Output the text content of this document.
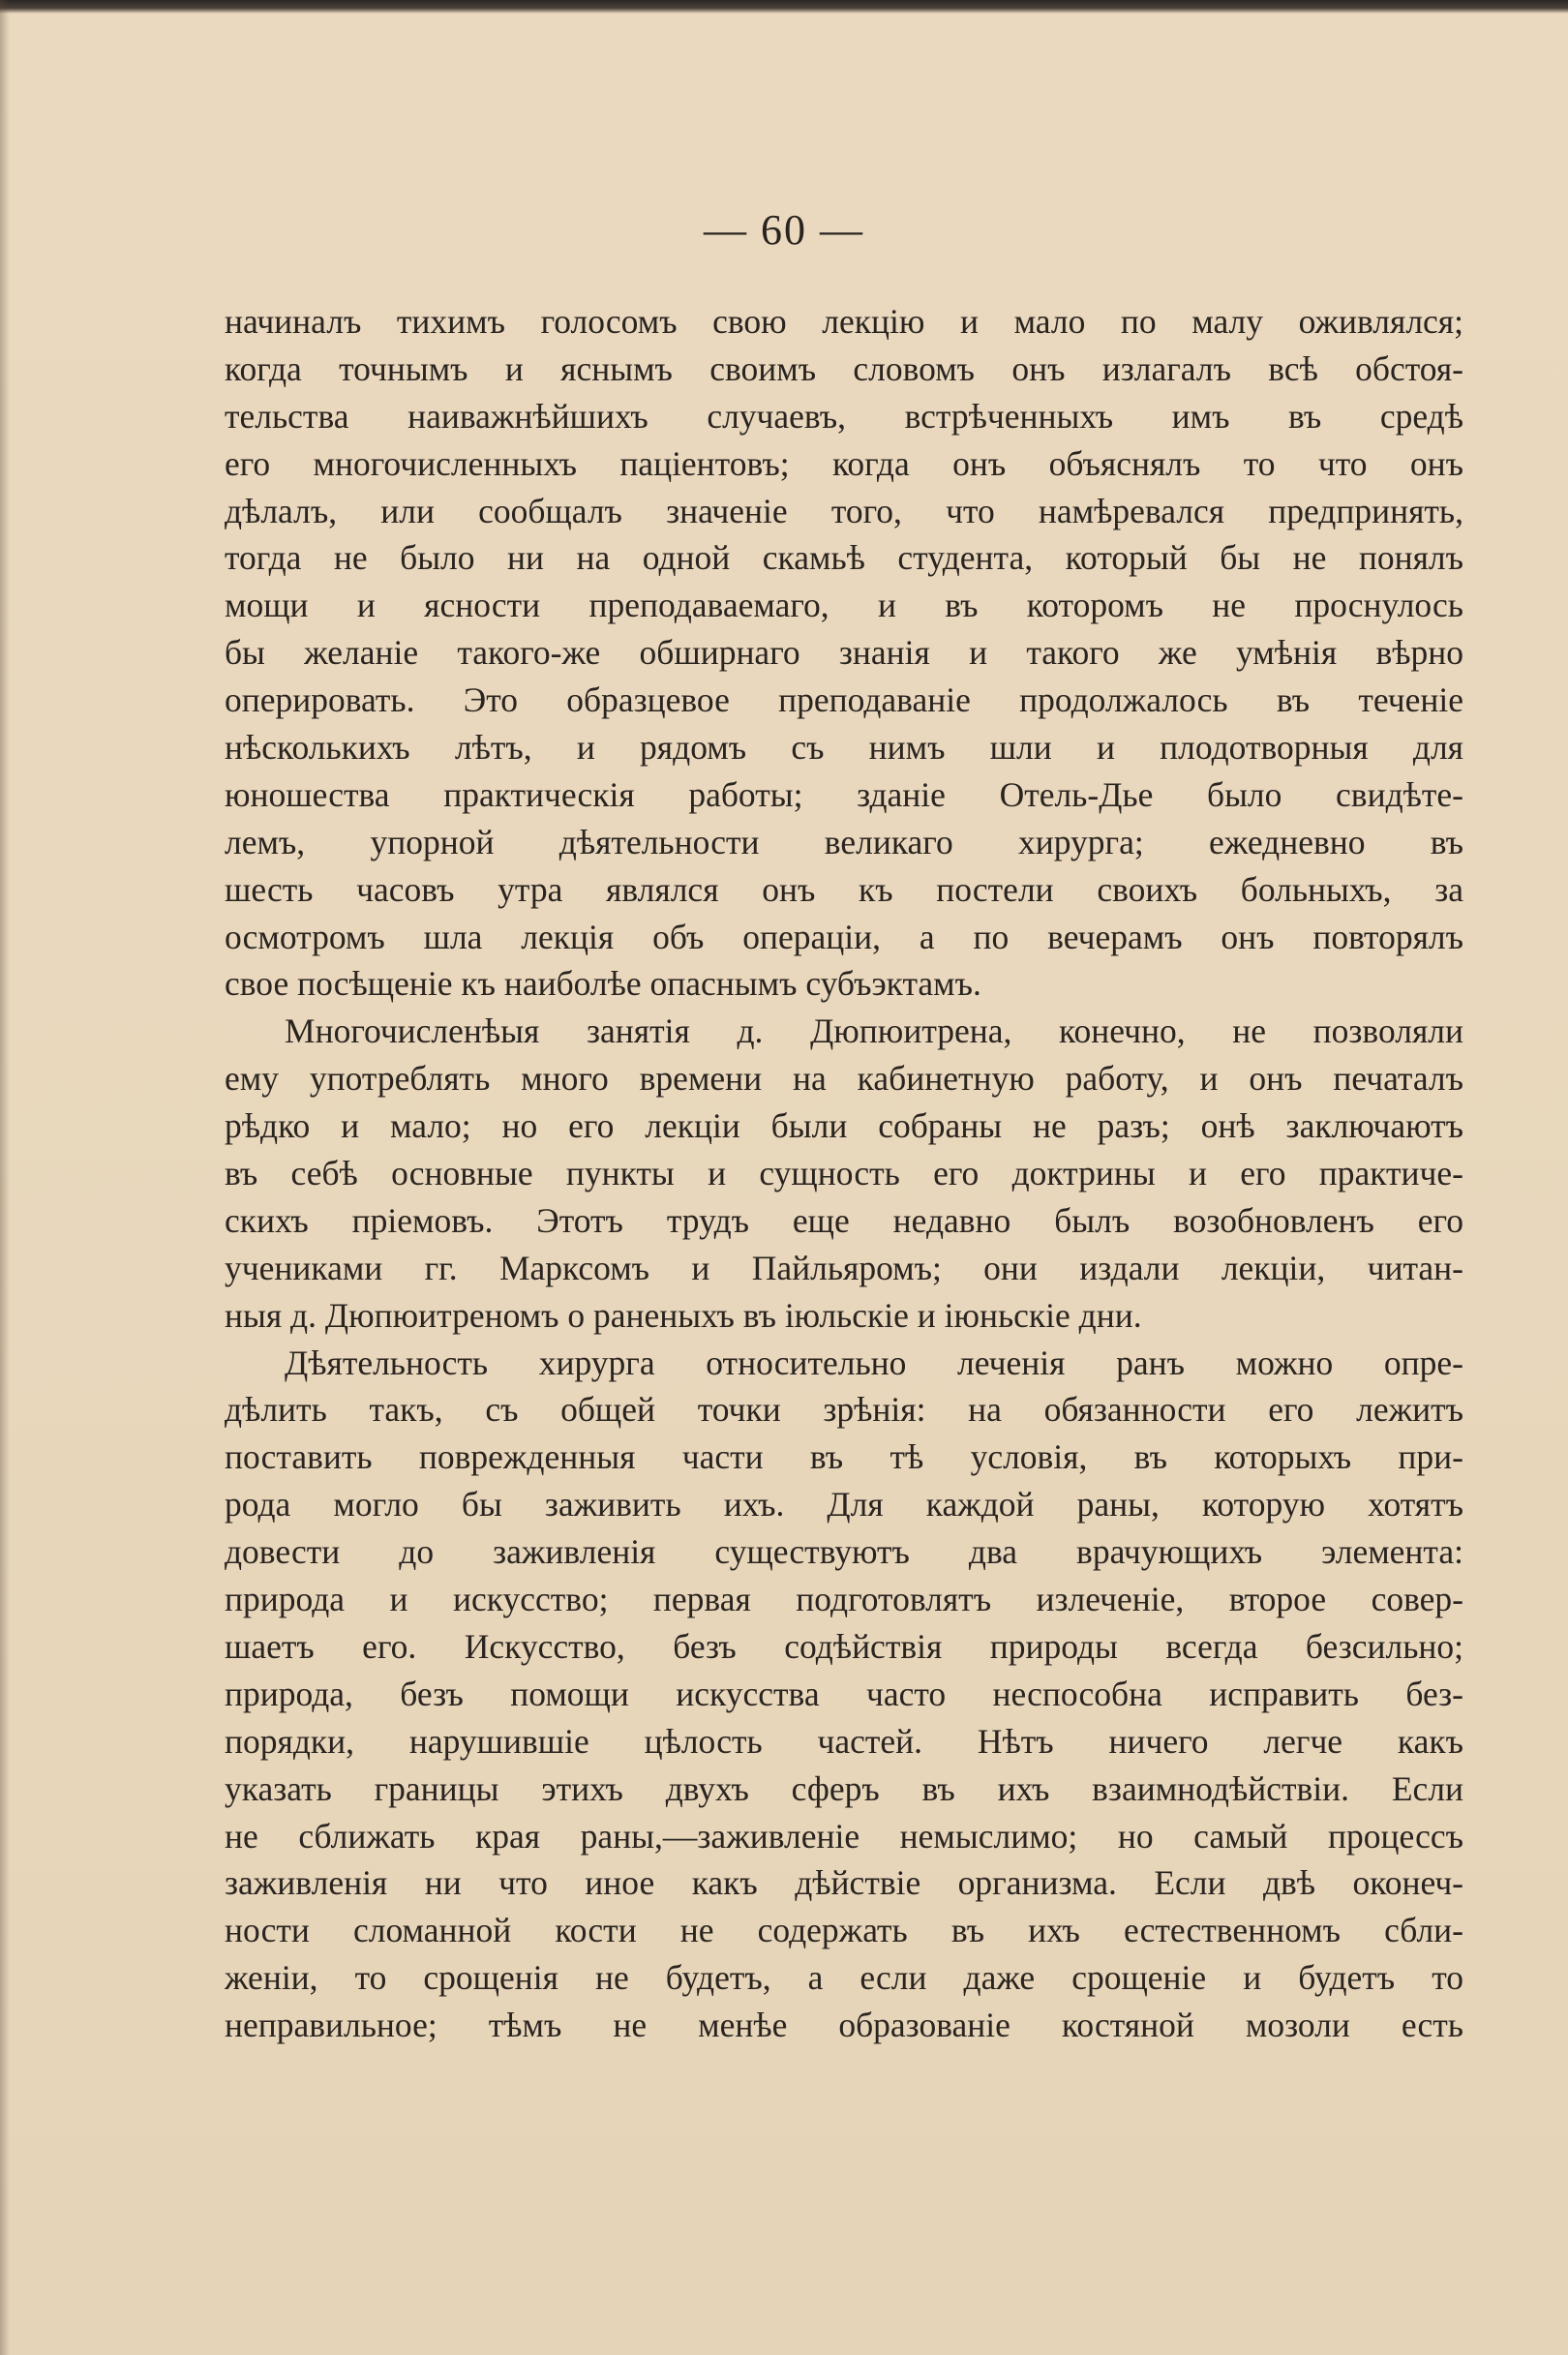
— 60 —
начиналъ тихимъ голосомъ свою лекцію и мало по малу оживлялся;
когда точнымъ и яснымъ своимъ словомъ онъ излагалъ всѣ обстоя-
тельства наиважнѣйшихъ случаевъ, встрѣченныхъ имъ въ средѣ
его многочисленныхъ паціентовъ; когда онъ объяснялъ то что онъ
дѣлалъ, или сообщалъ значеніе того, что намѣревался предпринять,
тогда не было ни на одной скамьѣ студента, который бы не понялъ
мощи и ясности преподаваемаго, и въ которомъ не проснулось
бы желаніе такого-же обширнаго знанія и такого же умѣнія вѣрно
оперировать. Это образцевое преподаваніе продолжалось въ теченіе
нѣсколькихъ лѣтъ, и рядомъ съ нимъ шли и плодотворныя для
юношества практическія работы; зданіе Отель-Дье было свидѣте-
лемъ, упорной дѣятельности великаго хирурга; ежедневно въ
шесть часовъ утра являлся онъ къ постели своихъ больныхъ, за
осмотромъ шла лекція объ операціи, а по вечерамъ онъ повторялъ
свое посѣщеніе къ наиболѣе опаснымъ субъэктамъ.
Многочисленѣыя занятія д. Дюпюитрена, конечно, не позволяли
ему употреблять много времени на кабинетную работу, и онъ печаталъ
рѣдко и мало; но его лекціи были собраны не разъ; онѣ заключаютъ
въ себѣ основные пункты и сущность его доктрины и его практиче-
скихъ пріемовъ. Этотъ трудъ еще недавно былъ возобновленъ его
учениками гг. Марксомъ и Пайльяромъ; они издали лекціи, читан-
ныя д. Дюпюитреномъ о раненыхъ въ іюльскіе и іюньскіе дни.
Дѣятельность хирурга относительно леченія ранъ можно опре-
дѣлить такъ, съ общей точки зрѣнія: на обязанности его лежитъ
поставить поврежденныя части въ тѣ условія, въ которыхъ при-
рода могло бы заживить ихъ. Для каждой раны, которую хотятъ
довести до заживленія существуютъ два врачующихъ элемента:
природа и искусство; первая подготовлятъ излеченіе, второе совер-
шаетъ его. Искусство, безъ содѣйствія природы всегда безсильно;
природа, безъ помощи искусства часто неспособна исправить без-
порядки, нарушившіе цѣлость частей. Нѣтъ ничего легче какъ
указать границы этихъ двухъ сферъ въ ихъ взаимнодѣйствіи. Если
не сближать края раны,—заживленіе немыслимо; но самый процессъ
заживленія ни что иное какъ дѣйствіе организма. Если двѣ оконеч-
ности сломанной кости не содержать въ ихъ естественномъ сбли-
женіи, то срощенія не будетъ, а если даже срощеніе и будетъ то
неправильное; тѣмъ не менѣе образованіе костяной мозоли есть
